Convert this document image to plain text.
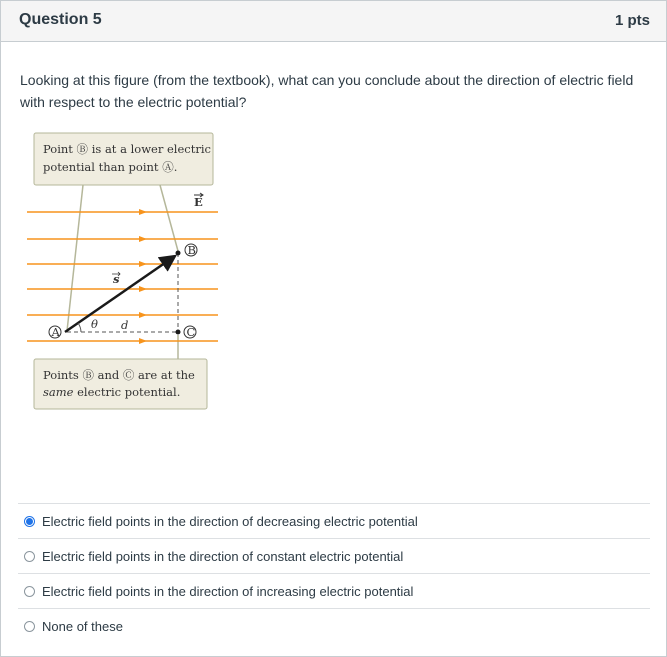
Question 5	1 pts
Looking at this figure (from the textbook), what can you conclude about the direction of electric field with respect to the electric potential?
Point Ⓑ is at a lower electric
potential than point Ⓐ.
E
θ d
s
A
B
C
Points Ⓑ and Ⓒ are at the
same electric potential.
Electric field points in the direction of decreasing electric potential
Electric field points in the direction of constant electric potential
Electric field points in the direction of increasing electric potential
None of these
